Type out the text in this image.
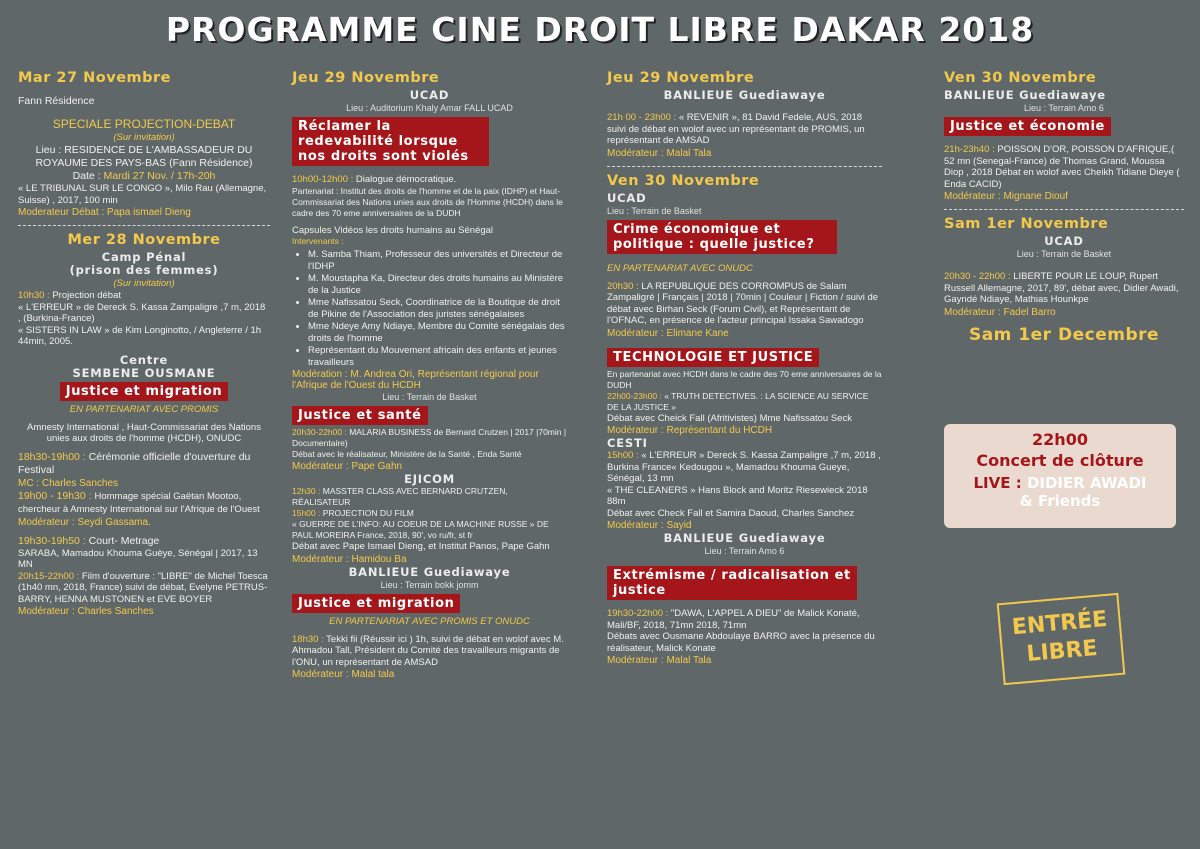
PROGRAMME CINE DROIT LIBRE DAKAR 2018
Mar 27 Novembre
Fann Résidence
SPECIALE PROJECTION-DEBAT
(Sur invitation)
Lieu : RESIDENCE DE L'AMBASSADEUR DU ROYAUME DES PAYS-BAS (Fann Résidence)
Date : Mardi 27 Nov. / 17h-20h
« LE TRIBUNAL SUR LE CONGO », Milo Rau (Allemagne, Suisse) , 2017, 100 min
Moderateur Débat : Papa ismael Dieng
Mer 28 Novembre
Camp Pénal
(prison des femmes)
(Sur invitation)
10h30 : Projection débat
« L'ERREUR » de Dereck S. Kassa Zampaligre ,7 m, 2018 , (Burkina-France)
« SISTERS IN LAW » de Kim Longinotto, / Angleterre / 1h 44min, 2005.
Centre
SEMBENE OUSMANE
Justice et migration
EN PARTENARIAT AVEC PROMIS
Amnesty International , Haut-Commissariat des Nations unies aux droits de l'homme (HCDH), ONUDC
18h30-19h00 : Cérémonie officielle d'ouverture du Festival
MC : Charles Sanches
19h00 - 19h30 : Hommage spécial Gaëtan Mootoo, chercheur à Amnesty International sur l'Afrique de l'Ouest
Modérateur : Seydi Gassama.
19h30-19h50 : Court- Metrage
SARABA, Mamadou Khouma Guèye, Sénégal | 2017, 13 MN
20h15-22h00 : Film d'ouverture : "LIBRE" de Michel Toesca (1h40 mn, 2018, France) suivi de débat, Evelyne PETRUS-BARRY, HENNA MUSTONEN et EVE BOYER
Modérateur : Charles Sanches
Jeu 29 Novembre
UCAD
Lieu : Auditorium Khaly Amar FALL UCAD
Réclamer la redevabilité lorsque nos droits sont violés
10h00-12h00 : Dialogue démocratique.
Partenariat : Institut des droits de l'homme et de la paix (IDHP) et Haut-Commissariat des Nations unies aux droits de l'Homme (HCDH) dans le cadre des 70 eme anniversaires de la DUDH
Capsules Vidéos les droits humains au Sénégal
Intervenants :
• M. Samba Thiam, Professeur des universités et Directeur de l'IDHP
• M. Moustapha Ka, Directeur des droits humains au Ministère de la Justice
• Mme Nafissatou Seck, Coordinatrice de la Boutique de droit de Pikine de l'Association des juristes sénégalaises
• Mme Ndeye Amy Ndiaye, Membre du Comité sénégalais des droits de l'homme
• Représentant du Mouvement africain des enfants et jeunes travailleurs
Modération : M. Andrea Ori, Représentant régional pour l'Afrique de l'Ouest du HCDH
Lieu : Terrain de Basket
Justice et santé
20h30-22h00 : MALARIA BUSINESS de Bernard Crutzen | 2017 |70min | Documentaire)
Débat avec le réalisateur, Ministère de la Santé , Enda Santé
Modérateur : Pape Gahn
EJICOM
12h30 : MASSTER CLASS AVEC BERNARD CRUTZEN, RÉALISATEUR
15h00 : PROJECTION DU FILM
« GUERRE DE L'INFO: AU COEUR DE LA MACHINE RUSSE » DE PAUL MOREIRA France, 2018, 90', vo ru/fr, st fr
Débat avec Pape Ismael Dieng, et Institut Panos, Pape Gahn
Modérateur : Hamidou Ba
BANLIEUE Guediawaye
Lieu : Terrain bokk jomm
Justice et migration
EN PARTENARIAT AVEC PROMIS ET ONUDC
18h30 : Tekki fii (Réussir ici ) 1h, suivi de débat en wolof avec M. Ahmadou Tall, Président du Comité des travailleurs migrants de l'ONU, un représentant de AMSAD
Modérateur : Malal tala
Jeu 29 Novembre
BANLIEUE Guediawaye
21h 00 - 23h00 : « REVENIR », 81 David Fedele, AUS, 2018 suivi de débat en wolof avec un représentant de PROMIS, un représentant de AMSAD
Modérateur : Malal Tala
Ven 30 Novembre
UCAD
Lieu : Terrain de Basket
Crime économique et politique : quelle justice?
EN PARTENARIAT AVEC ONUDC
20h30 : LA REPUBLIQUE DES CORROMPUS de Salam Zampaligré | Français | 2018 | 70min | Couleur | Fiction / suivi de débat avec Birhan Seck (Forum Civil), et Représentant de l'OFNAC, en présence de l'acteur principal Issaka Sawadogo
Modérateur : Elimane Kane
TECHNOLOGIE ET JUSTICE
En partenariat avec HCDH dans le cadre des 70 eme anniversaires de la DUDH
22h00-23h00 : « TRUTH DETECTIVES. : LA SCIENCE AU SERVICE DE LA JUSTICE »
Débat avec Cheick Fall (Afritivistes) Mme Nafissatou Seck
Modérateur : Représentant du HCDH
CESTI
15h00 : « L'ERREUR » Dereck S. Kassa Zampaligre ,7 m, 2018 , Burkina France« Kedougou », Mamadou Khouma Gueye, Sénégal, 13 mn
« THE CLEANERS » Hans Block and Moritz Riesewieck 2018 88m
Débat avec Check Fall et Samira Daoud, Charles Sanchez
Modérateur : Sayid
BANLIEUE Guediawaye
Lieu : Terrain Amo 6
Extrémisme / radicalisation et justice
19h30-22h00 : "DAWA, L'APPEL A DIEU" de Malick Konaté, Mali/BF, 2018, 71mn 2018, 71mn
Débats avec Ousmane Abdoulaye BARRO avec la présence du réalisateur, Malick Konate
Modérateur : Malal Tala
Ven 30 Novembre
BANLIEUE Guediawaye
Lieu : Terrain Amo 6
Justice et économie
21h-23h40 : POISSON D'OR, POISSON D'AFRIQUE,( 52 mn (Senegal-France) de Thomas Grand, Moussa Diop , 2018 Débat en wolof avec Cheikh Tidiane Dieye ( Enda CACID)
Modérateur : Mignane Diouf
Sam 1er Novembre
UCAD
Lieu : Terrain de Basket
20h30 - 22h00 : LIBERTE POUR LE LOUP, Rupert Russell Allemagne, 2017, 89', débat avec, Didier Awadi, Gayndé Ndiaye, Mathias Hounkpe
Modérateur : Fadel Barro
Sam 1er Decembre
22h00
Concert de clôture
LIVE : DIDIER AWADI
& Friends
ENTRÉE
LIBRE
